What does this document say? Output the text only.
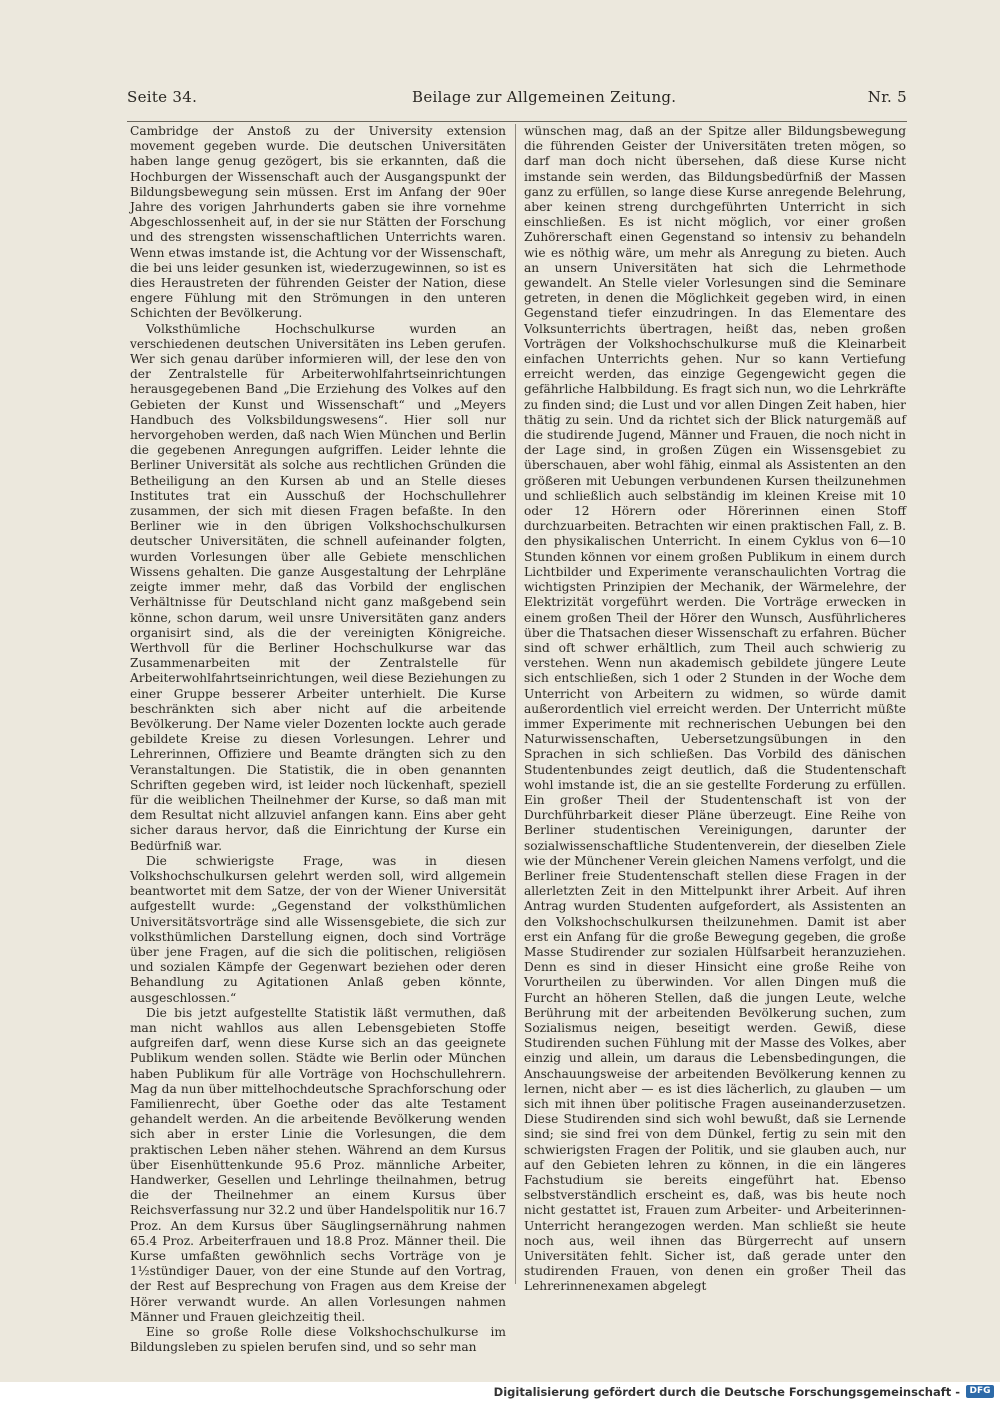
Seite 34.	Beilage zur Allgemeinen Zeitung.	Nr. 5

Cambridge der Anstoß zu der University extension movement gegeben wurde. Die deutschen Universitäten haben lange genug gezögert, bis sie erkannten, daß die Hochburgen der Wissenschaft auch der Ausgangspunkt der Bildungsbewegung sein müssen. Erst im Anfang der 90er Jahre des vorigen Jahrhunderts gaben sie ihre vornehme Abgeschlossenheit auf, in der sie nur Stätten der Forschung und des strengsten wissenschaftlichen Unterrichts waren. Wenn etwas imstande ist, die Achtung vor der Wissenschaft, die bei uns leider gesunken ist, wiederzugewinnen, so ist es dies Heraustreten der führenden Geister der Nation, diese engere Fühlung mit den Strömungen in den unteren Schichten der Bevölkerung.

Volksthümliche Hochschulkurse wurden an verschiedenen deutschen Universitäten ins Leben gerufen. Wer sich genau darüber informieren will, der lese den von der Zentralstelle für Arbeiterwohlfahrtseinrichtungen herausgegebenen Band „Die Erziehung des Volkes auf den Gebieten der Kunst und Wissenschaft“ und „Meyers Handbuch des Volksbildungswesens“. Hier soll nur hervorgehoben werden, daß nach Wien München und Berlin die gegebenen Anregungen aufgriffen. Leider lehnte die Berliner Universität als solche aus rechtlichen Gründen die Betheiligung an den Kursen ab und an Stelle dieses Institutes trat ein Ausschuß der Hochschullehrer zusammen, der sich mit diesen Fragen befaßte. In den Berliner wie in den übrigen Volkshochschulkursen deutscher Universitäten, die schnell aufeinander folgten, wurden Vorlesungen über alle Gebiete menschlichen Wissens gehalten. Die ganze Ausgestaltung der Lehrpläne zeigte immer mehr, daß das Vorbild der englischen Verhältnisse für Deutschland nicht ganz maßgebend sein könne, schon darum, weil unsre Universitäten ganz anders organisirt sind, als die der vereinigten Königreiche. Werthvoll für die Berliner Hochschulkurse war das Zusammenarbeiten mit der Zentralstelle für Arbeiterwohlfahrtseinrichtungen, weil diese Beziehungen zu einer Gruppe besserer Arbeiter unterhielt. Die Kurse beschränkten sich aber nicht auf die arbeitende Bevölkerung. Der Name vieler Dozenten lockte auch gerade gebildete Kreise zu diesen Vorlesungen. Lehrer und Lehrerinnen, Offiziere und Beamte drängten sich zu den Veranstaltungen. Die Statistik, die in oben genannten Schriften gegeben wird, ist leider noch lückenhaft, speziell für die weiblichen Theilnehmer der Kurse, so daß man mit dem Resultat nicht allzuviel anfangen kann. Eins aber geht sicher daraus hervor, daß die Einrichtung der Kurse ein Bedürfniß war.

Die schwierigste Frage, was in diesen Volkshochschulkursen gelehrt werden soll, wird allgemein beantwortet mit dem Satze, der von der Wiener Universität aufgestellt wurde: „Gegenstand der volksthümlichen Universitätsvorträge sind alle Wissensgebiete, die sich zur volksthümlichen Darstellung eignen, doch sind Vorträge über jene Fragen, auf die sich die politischen, religiösen und sozialen Kämpfe der Gegenwart beziehen oder deren Behandlung zu Agitationen Anlaß geben könnte, ausgeschlossen.“

Die bis jetzt aufgestellte Statistik läßt vermuthen, daß man nicht wahllos aus allen Lebensgebieten Stoffe aufgreifen darf, wenn diese Kurse sich an das geeignete Publikum wenden sollen. Städte wie Berlin oder München haben Publikum für alle Vorträge von Hochschullehrern. Mag da nun über mittelhochdeutsche Sprachforschung oder Familienrecht, über Goethe oder das alte Testament gehandelt werden. An die arbeitende Bevölkerung wenden sich aber in erster Linie die Vorlesungen, die dem praktischen Leben näher stehen. Während an dem Kursus über Eisenhüttenkunde 95.6 Proz. männliche Arbeiter, Handwerker, Gesellen und Lehrlinge theilnahmen, betrug die der Theilnehmer an einem Kursus über Reichsverfassung nur 32.2 und über Handelspolitik nur 16.7 Proz. An dem Kursus über Säuglingsernährung nahmen 65.4 Proz. Arbeiterfrauen und 18.8 Proz. Männer theil. Die Kurse umfaßten gewöhnlich sechs Vorträge von je 1½stündiger Dauer, von der eine Stunde auf den Vortrag, der Rest auf Besprechung von Fragen aus dem Kreise der Hörer verwandt wurde. An allen Vorlesungen nahmen Männer und Frauen gleichzeitig theil.

Eine so große Rolle diese Volkshochschulkurse im Bildungsleben zu spielen berufen sind, und so sehr man

wünschen mag, daß an der Spitze aller Bildungsbewegung die führenden Geister der Universitäten treten mögen, so darf man doch nicht übersehen, daß diese Kurse nicht imstande sein werden, das Bildungsbedürfniß der Massen ganz zu erfüllen, so lange diese Kurse anregende Belehrung, aber keinen streng durchgeführten Unterricht in sich einschließen. Es ist nicht möglich, vor einer großen Zuhörerschaft einen Gegenstand so intensiv zu behandeln wie es nöthig wäre, um mehr als Anregung zu bieten. Auch an unsern Universitäten hat sich die Lehrmethode gewandelt. An Stelle vieler Vorlesungen sind die Seminare getreten, in denen die Möglichkeit gegeben wird, in einen Gegenstand tiefer einzudringen. In das Elementare des Volksunterrichts übertragen, heißt das, neben großen Vorträgen der Volkshochschulkurse muß die Kleinarbeit einfachen Unterrichts gehen. Nur so kann Vertiefung erreicht werden, das einzige Gegengewicht gegen die gefährliche Halbbildung. Es fragt sich nun, wo die Lehrkräfte zu finden sind; die Lust und vor allen Dingen Zeit haben, hier thätig zu sein. Und da richtet sich der Blick naturgemäß auf die studirende Jugend, Männer und Frauen, die noch nicht in der Lage sind, in großen Zügen ein Wissensgebiet zu überschauen, aber wohl fähig, einmal als Assistenten an den größeren mit Uebungen verbundenen Kursen theilzunehmen und schließlich auch selbständig im kleinen Kreise mit 10 oder 12 Hörern oder Hörerinnen einen Stoff durchzuarbeiten. Betrachten wir einen praktischen Fall, z. B. den physikalischen Unterricht. In einem Cyklus von 6—10 Stunden können vor einem großen Publikum in einem durch Lichtbilder und Experimente veranschaulichten Vortrag die wichtigsten Prinzipien der Mechanik, der Wärmelehre, der Elektrizität vorgeführt werden. Die Vorträge erwecken in einem großen Theil der Hörer den Wunsch, Ausführlicheres über die Thatsachen dieser Wissenschaft zu erfahren. Bücher sind oft schwer erhältlich, zum Theil auch schwierig zu verstehen. Wenn nun akademisch gebildete jüngere Leute sich entschließen, sich 1 oder 2 Stunden in der Woche dem Unterricht von Arbeitern zu widmen, so würde damit außerordentlich viel erreicht werden. Der Unterricht müßte immer Experimente mit rechnerischen Uebungen bei den Naturwissenschaften, Uebersetzungsübungen in den Sprachen in sich schließen. Das Vorbild des dänischen Studentenbundes zeigt deutlich, daß die Studentenschaft wohl imstande ist, die an sie gestellte Forderung zu erfüllen. Ein großer Theil der Studentenschaft ist von der Durchführbarkeit dieser Pläne überzeugt. Eine Reihe von Berliner studentischen Vereinigungen, darunter der sozialwissenschaftliche Studentenverein, der dieselben Ziele wie der Münchener Verein gleichen Namens verfolgt, und die Berliner freie Studentenschaft stellen diese Fragen in der allerletzten Zeit in den Mittelpunkt ihrer Arbeit. Auf ihren Antrag wurden Studenten aufgefordert, als Assistenten an den Volkshochschulkursen theilzunehmen. Damit ist aber erst ein Anfang für die große Bewegung gegeben, die große Masse Studirender zur sozialen Hülfsarbeit heranzuziehen. Denn es sind in dieser Hinsicht eine große Reihe von Vorurtheilen zu überwinden. Vor allen Dingen muß die Furcht an höheren Stellen, daß die jungen Leute, welche Berührung mit der arbeitenden Bevölkerung suchen, zum Sozialismus neigen, beseitigt werden. Gewiß, diese Studirenden suchen Fühlung mit der Masse des Volkes, aber einzig und allein, um daraus die Lebensbedingungen, die Anschauungsweise der arbeitenden Bevölkerung kennen zu lernen, nicht aber — es ist dies lächerlich, zu glauben — um sich mit ihnen über politische Fragen auseinanderzusetzen. Diese Studirenden sind sich wohl bewußt, daß sie Lernende sind; sie sind frei von dem Dünkel, fertig zu sein mit den schwierigsten Fragen der Politik, und sie glauben auch, nur auf den Gebieten lehren zu können, in die ein längeres Fachstudium sie bereits eingeführt hat. Ebenso selbstverständlich erscheint es, daß, was bis heute noch nicht gestattet ist, Frauen zum Arbeiter- und Arbeiterinnen-Unterricht herangezogen werden. Man schließt sie heute noch aus, weil ihnen das Bürgerrecht auf unsern Universitäten fehlt. Sicher ist, daß gerade unter den studirenden Frauen, von denen ein großer Theil das Lehrerinnenexamen abgelegt

Digitalisierung gefördert durch die Deutsche Forschungsgemeinschaft -	DFG
